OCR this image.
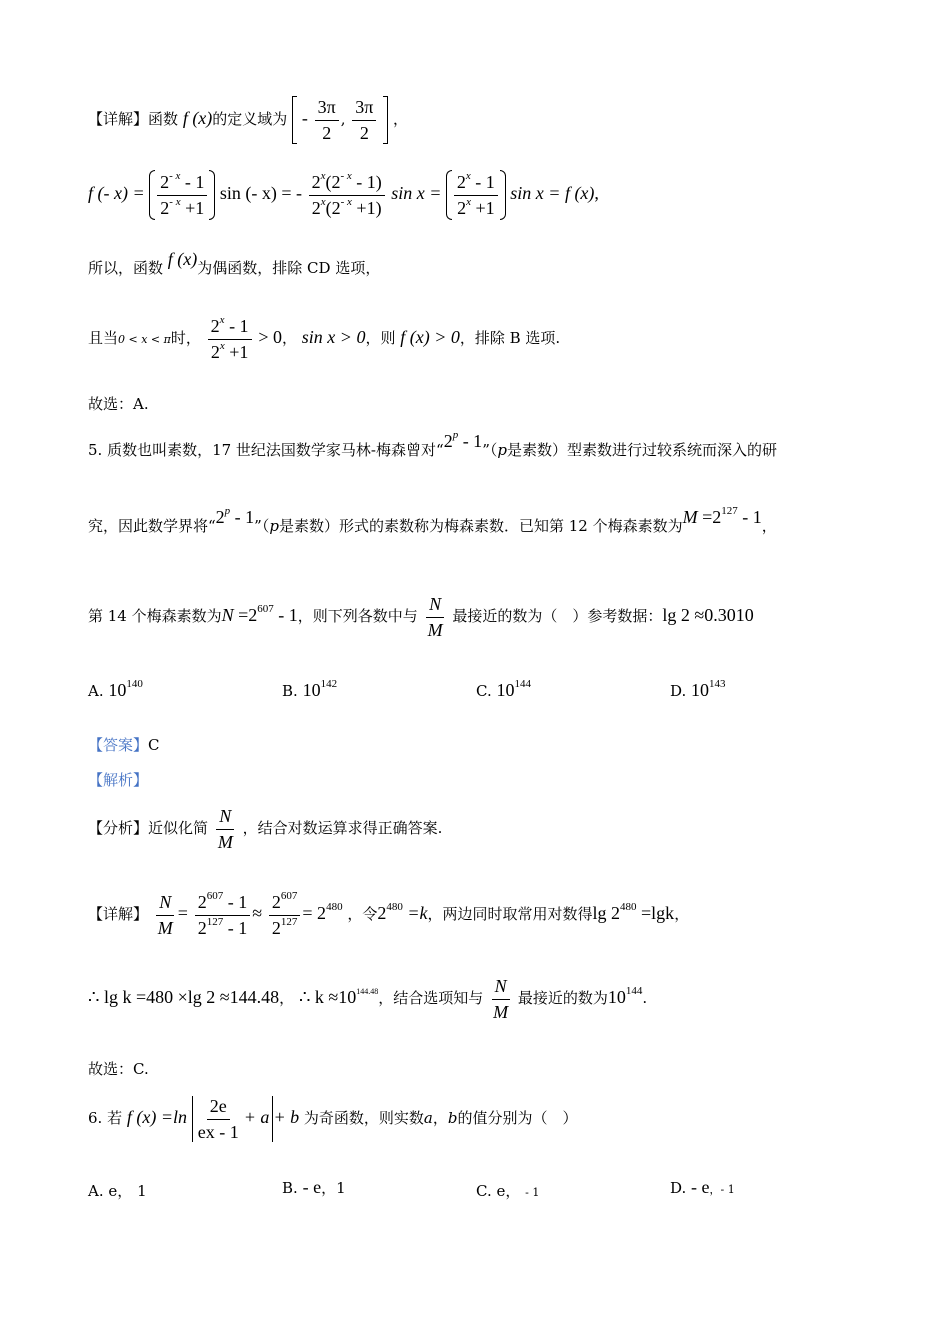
【详解】函数 f (x)的定义域为 - $\frac{3\pi}{2}$ , $\frac{3\pi}{2}$ ，
f (- $x) = \frac{2^{- x} - 1}{2^{- x} +1}$ sin (- x) = - $\frac{2^x(2^{- x} - 1)}{2^x(2^{- x} +1)}$ $\sin x = \frac{2^x - 1}{2^x +1}$ sin x = f (x),
所以，函数 f (x)为偶函数，排除 CD 选项，
且当0 < x < π时， $\frac{2^x - 1}{2^x +1} > 0$， sin x > 0，则 f (x) > 0，排除 B 选项.
故选：A.
5. 质数也叫素数，17 世纪法国数学家马林-梅森曾对“2$^p$ - 1”（p是素数）型素数进行过较系统而深入的研
究，因此数学界将“2$^p$ - 1”（p是素数）形式的素数称为梅森素数．已知第 12 个梅森素数为$M =2^{127} - 1$，
第 14 个梅森素数为$N =2^{607} - 1$，则下列各数中与 $\frac{N}{M}$ 最接近的数为（　）参考数据：lg 2 ≈0.3010
A. $10^{140}$	B. $10^{142}$	C. $10^{144}$	D. $10^{143}$
【答案】C
【解析】
【分析】近似化简 $\frac{N}{M}$ ，结合对数运算求得正确答案.
【详解】 $\frac{N}{M} = \frac{2^{607} - 1}{2^{127} - 1} \approx \frac{2^{607}}{2^{127}} = 2^{480}$ ，令$2^{480} =k$，两边同时取常用对数得$\lg 2^{480} =\lg k$，
∴ lg k =480 ×lg 2 ≈144.48， ∴ $k \approx 10^{144.48}$，结合选项知与 $\frac{N}{M}$ 最接近的数为$10^{144}$.
故选：C.
6. 若 f $(x) =\ln \frac{2e}{ex - 1} + a + b$ 为奇函数，则实数a，b的值分别为（　）
A. e， 1	B. - e，1	C. e， - 1	D. - e，- 1
